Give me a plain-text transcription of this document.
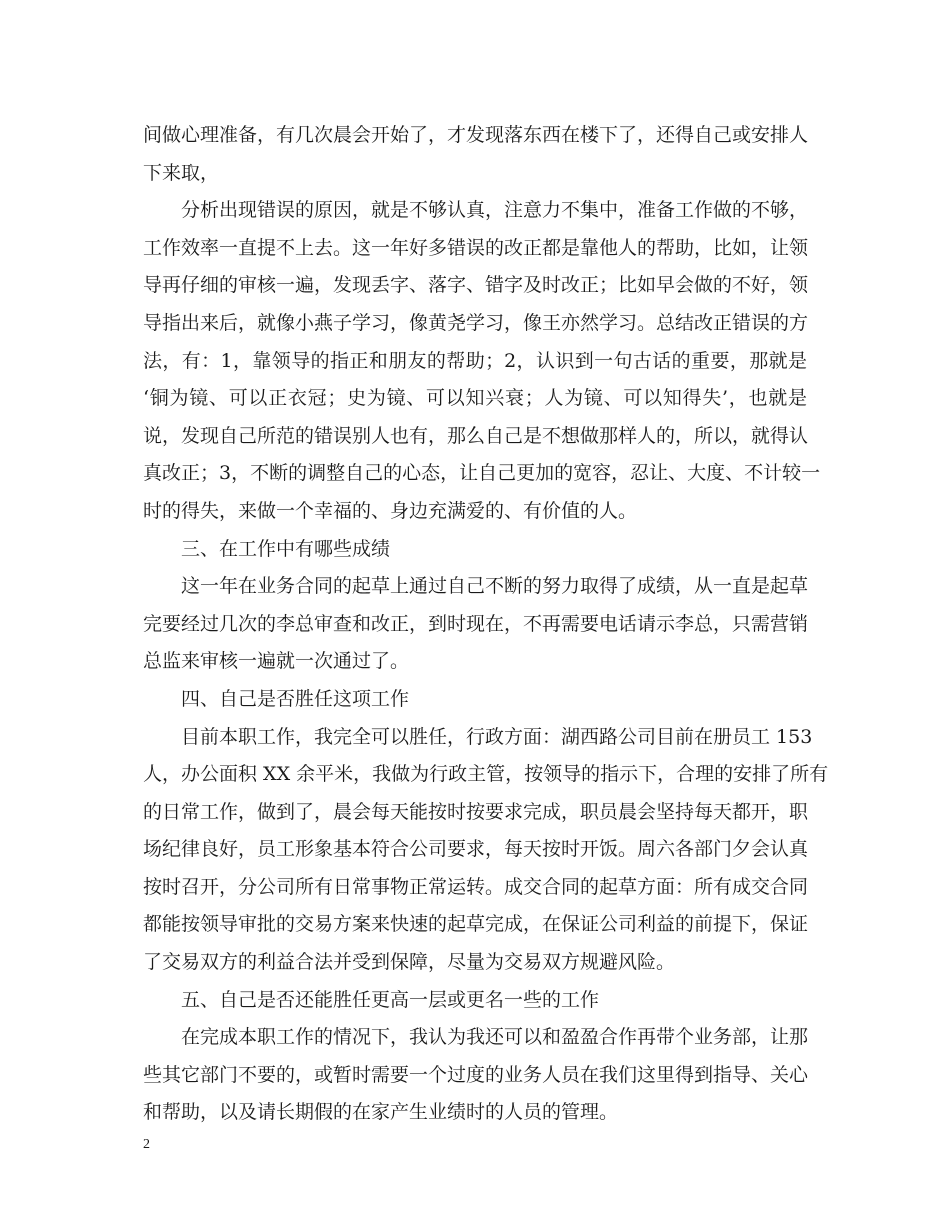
间做心理准备，有几次晨会开始了，才发现落东西在楼下了，还得自己或安排人
下来取，
分析出现错误的原因，就是不够认真，注意力不集中，准备工作做的不够，
工作效率一直提不上去。这一年好多错误的改正都是靠他人的帮助，比如，让领
导再仔细的审核一遍，发现丢字、落字、错字及时改正；比如早会做的不好，领
导指出来后，就像小燕子学习，像黄尧学习，像王亦然学习。总结改正错误的方
法，有：1，靠领导的指正和朋友的帮助；2，认识到一句古话的重要，那就是
‘铜为镜、可以正衣冠；史为镜、可以知兴衰；人为镜、可以知得失’，也就是
说，发现自己所范的错误别人也有，那么自己是不想做那样人的，所以，就得认
真改正；3，不断的调整自己的心态，让自己更加的宽容，忍让、大度、不计较一
时的得失，来做一个幸福的、身边充满爱的、有价值的人。
三、在工作中有哪些成绩
这一年在业务合同的起草上通过自己不断的努力取得了成绩，从一直是起草
完要经过几次的李总审查和改正，到时现在，不再需要电话请示李总，只需营销
总监来审核一遍就一次通过了。
四、自己是否胜任这项工作
目前本职工作，我完全可以胜任，行政方面：湖西路公司目前在册员工 153
人，办公面积 XX 余平米，我做为行政主管，按领导的指示下，合理的安排了所有
的日常工作，做到了，晨会每天能按时按要求完成，职员晨会坚持每天都开，职
场纪律良好，员工形象基本符合公司要求，每天按时开饭。周六各部门夕会认真
按时召开，分公司所有日常事物正常运转。成交合同的起草方面：所有成交合同
都能按领导审批的交易方案来快速的起草完成，在保证公司利益的前提下，保证
了交易双方的利益合法并受到保障，尽量为交易双方规避风险。
五、自己是否还能胜任更高一层或更名一些的工作
在完成本职工作的情况下，我认为我还可以和盈盈合作再带个业务部，让那
些其它部门不要的，或暂时需要一个过度的业务人员在我们这里得到指导、关心
和帮助，以及请长期假的在家产生业绩时的人员的管理。
2
